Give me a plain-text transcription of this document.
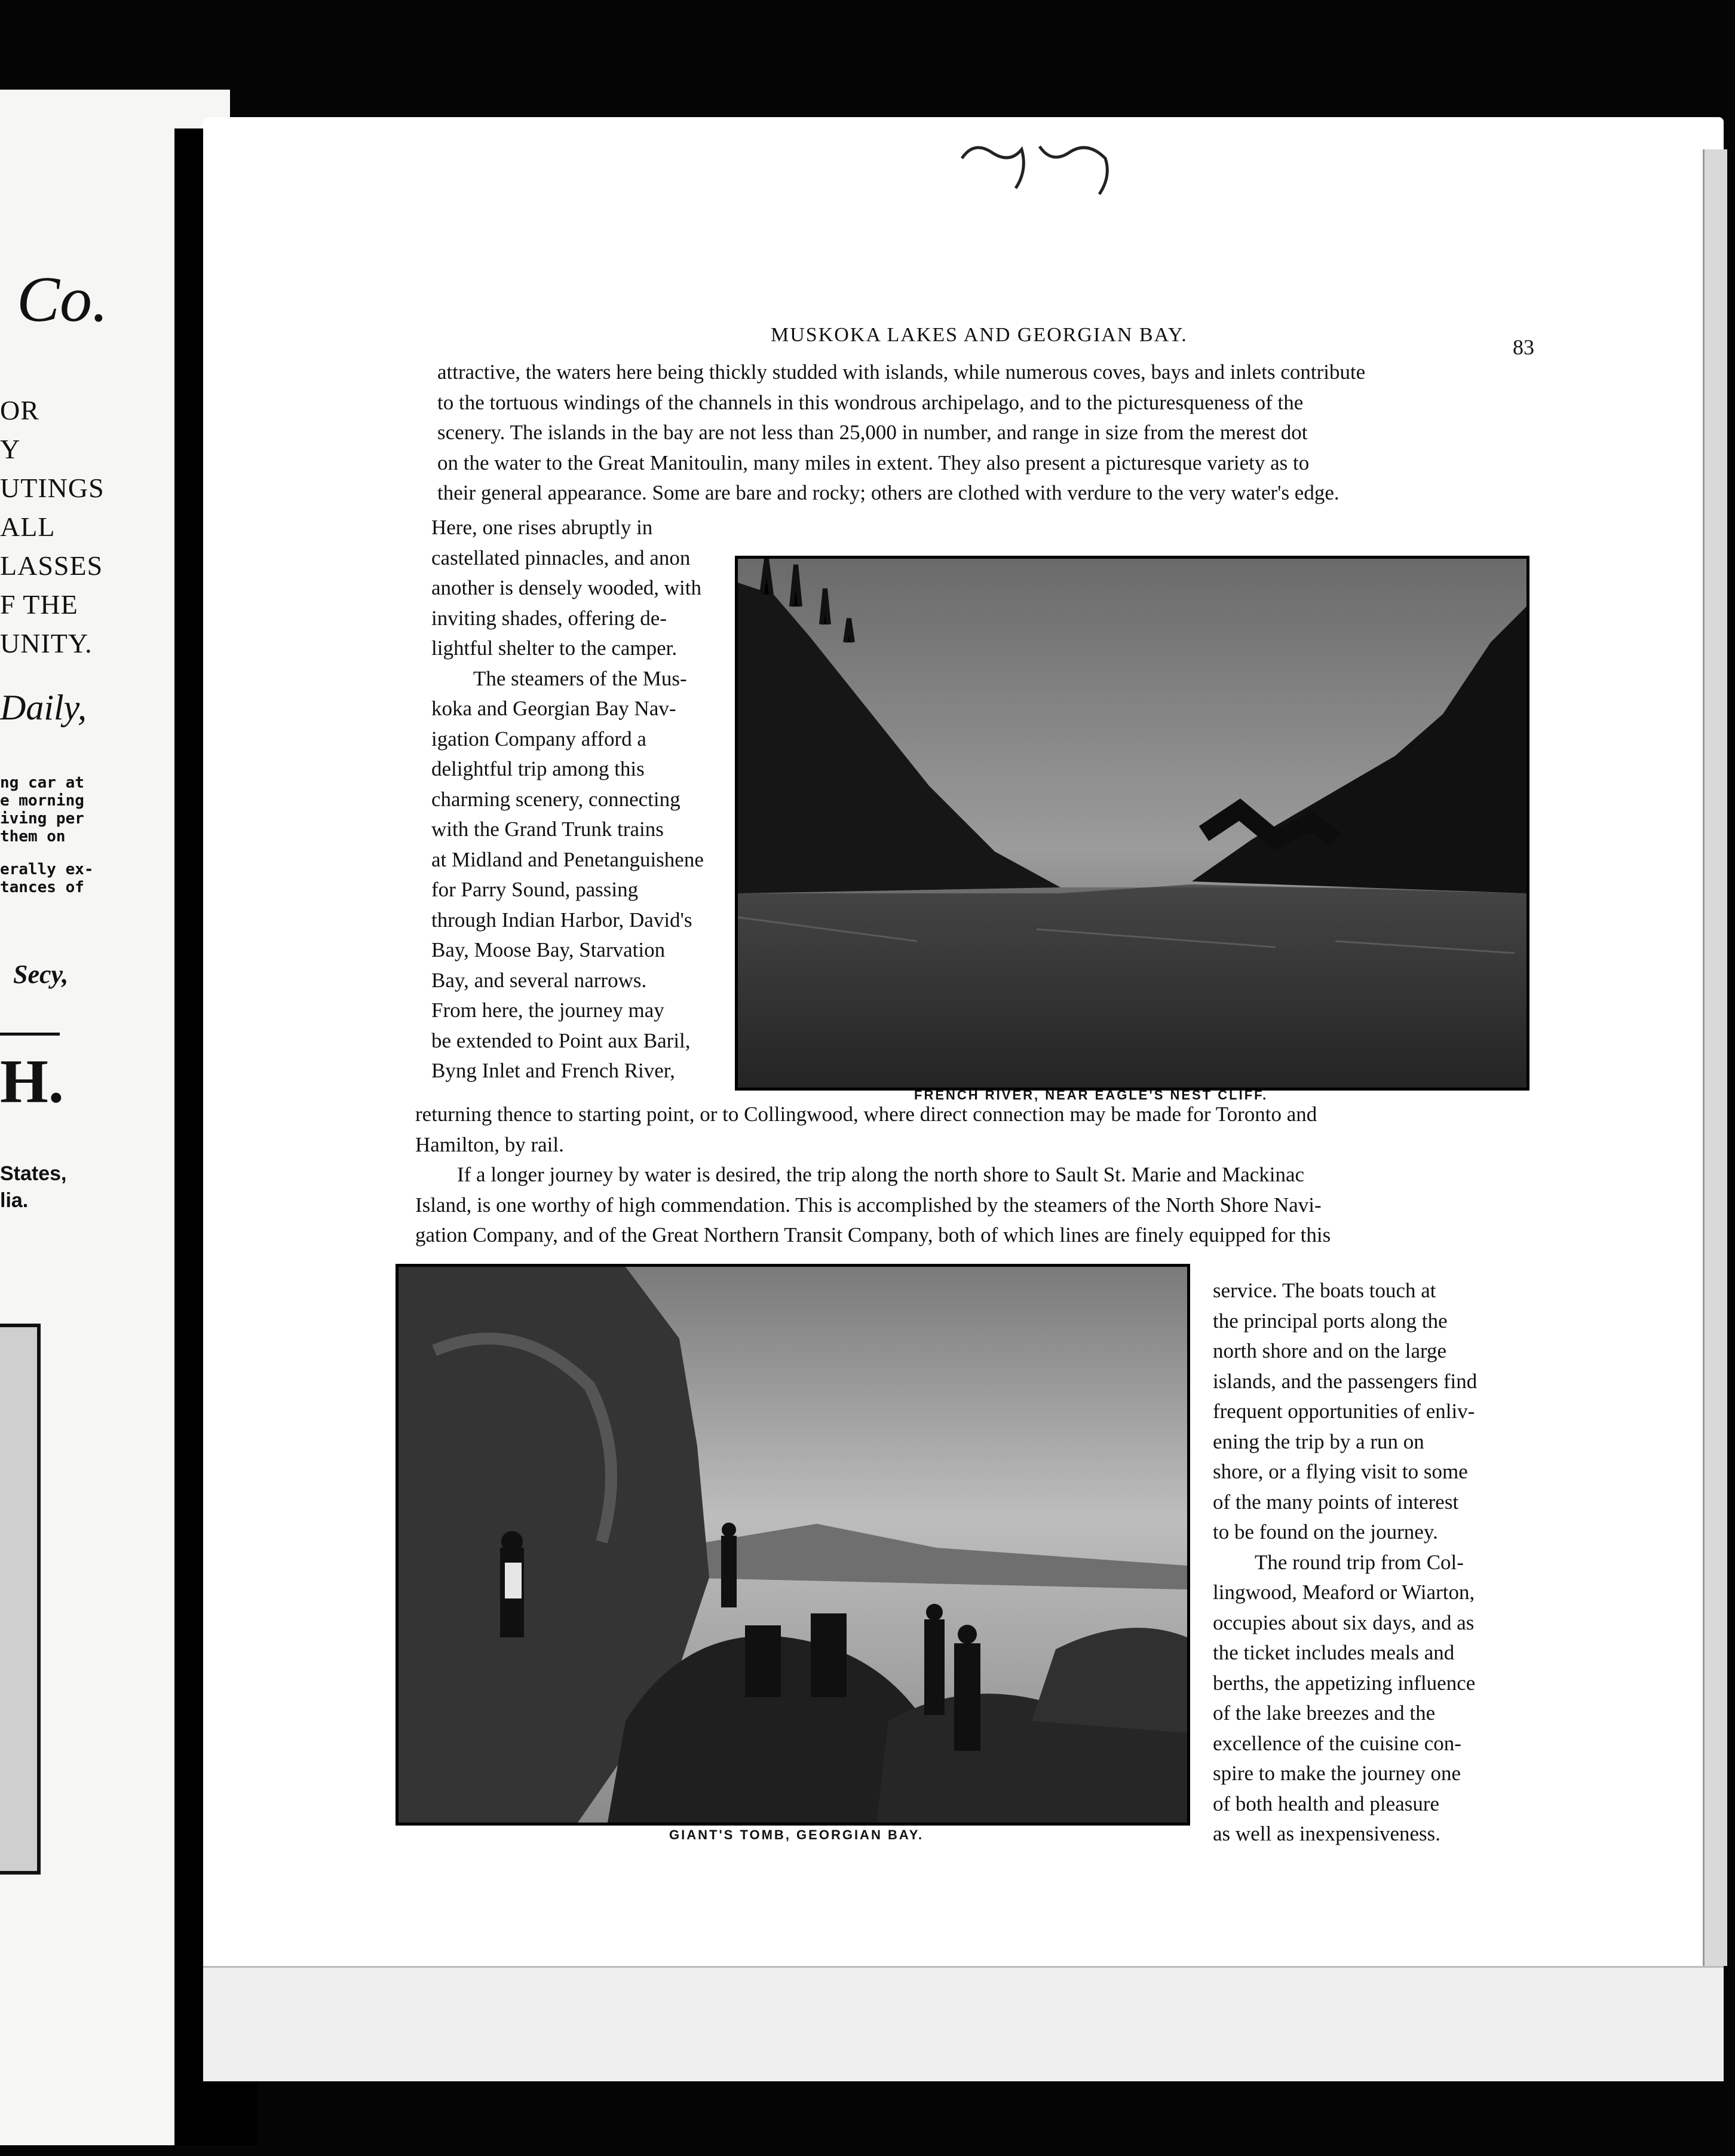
Co.
OR
Y
UTINGS
ALL
LASSES
F THE
UNITY.
Daily,
ng car at
e morning
iving per
them on
erally ex-
tances of
Secy,
H.
States,
lia.
MUSKOKA LAKES AND GEORGIAN BAY.
83

attractive, the waters here being thickly studded with islands, while numerous coves, bays and inlets contribute

to the tortuous windings of the channels in this wondrous archipelago, and to the picturesqueness of the

scenery. The islands in the bay are not less than 25,000 in number, and range in size from the merest dot

on the water to the Great Manitoulin, many miles in extent. They also present a picturesque variety as to

their general appearance. Some are bare and rocky; others are clothed with verdure to the very water's edge.

Here, one rises abruptly in

castellated pinnacles, and anon

another is densely wooded, with

inviting shades, offering de-

lightful shelter to the camper.

The steamers of the Mus-

koka and Georgian Bay Nav-

igation Company afford a

delightful trip among this

charming scenery, connecting

with the Grand Trunk trains

at Midland and Penetanguishene

for Parry Sound, passing

through Indian Harbor, David's

Bay, Moose Bay, Starvation

Bay, and several narrows.

From here, the journey may

be extended to Point aux Baril,

Byng Inlet and French River,

FRENCH RIVER, NEAR EAGLE'S NEST CLIFF.

returning thence to starting point, or to Collingwood, where direct connection may be made for Toronto and

Hamilton, by rail.

If a longer journey by water is desired, the trip along the north shore to Sault St. Marie and Mackinac

Island, is one worthy of high commendation. This is accomplished by the steamers of the North Shore Navi-

gation Company, and of the Great Northern Transit Company, both of which lines are finely equipped for this

GIANT'S TOMB, GEORGIAN BAY.

service. The boats touch at

the principal ports along the

north shore and on the large

islands, and the passengers find

frequent opportunities of enliv-

ening the trip by a run on

shore, or a flying visit to some

of the many points of interest

to be found on the journey.

The round trip from Col-

lingwood, Meaford or Wiarton,

occupies about six days, and as

the ticket includes meals and

berths, the appetizing influence

of the lake breezes and the

excellence of the cuisine con-

spire to make the journey one

of both health and pleasure

as well as inexpensiveness.
